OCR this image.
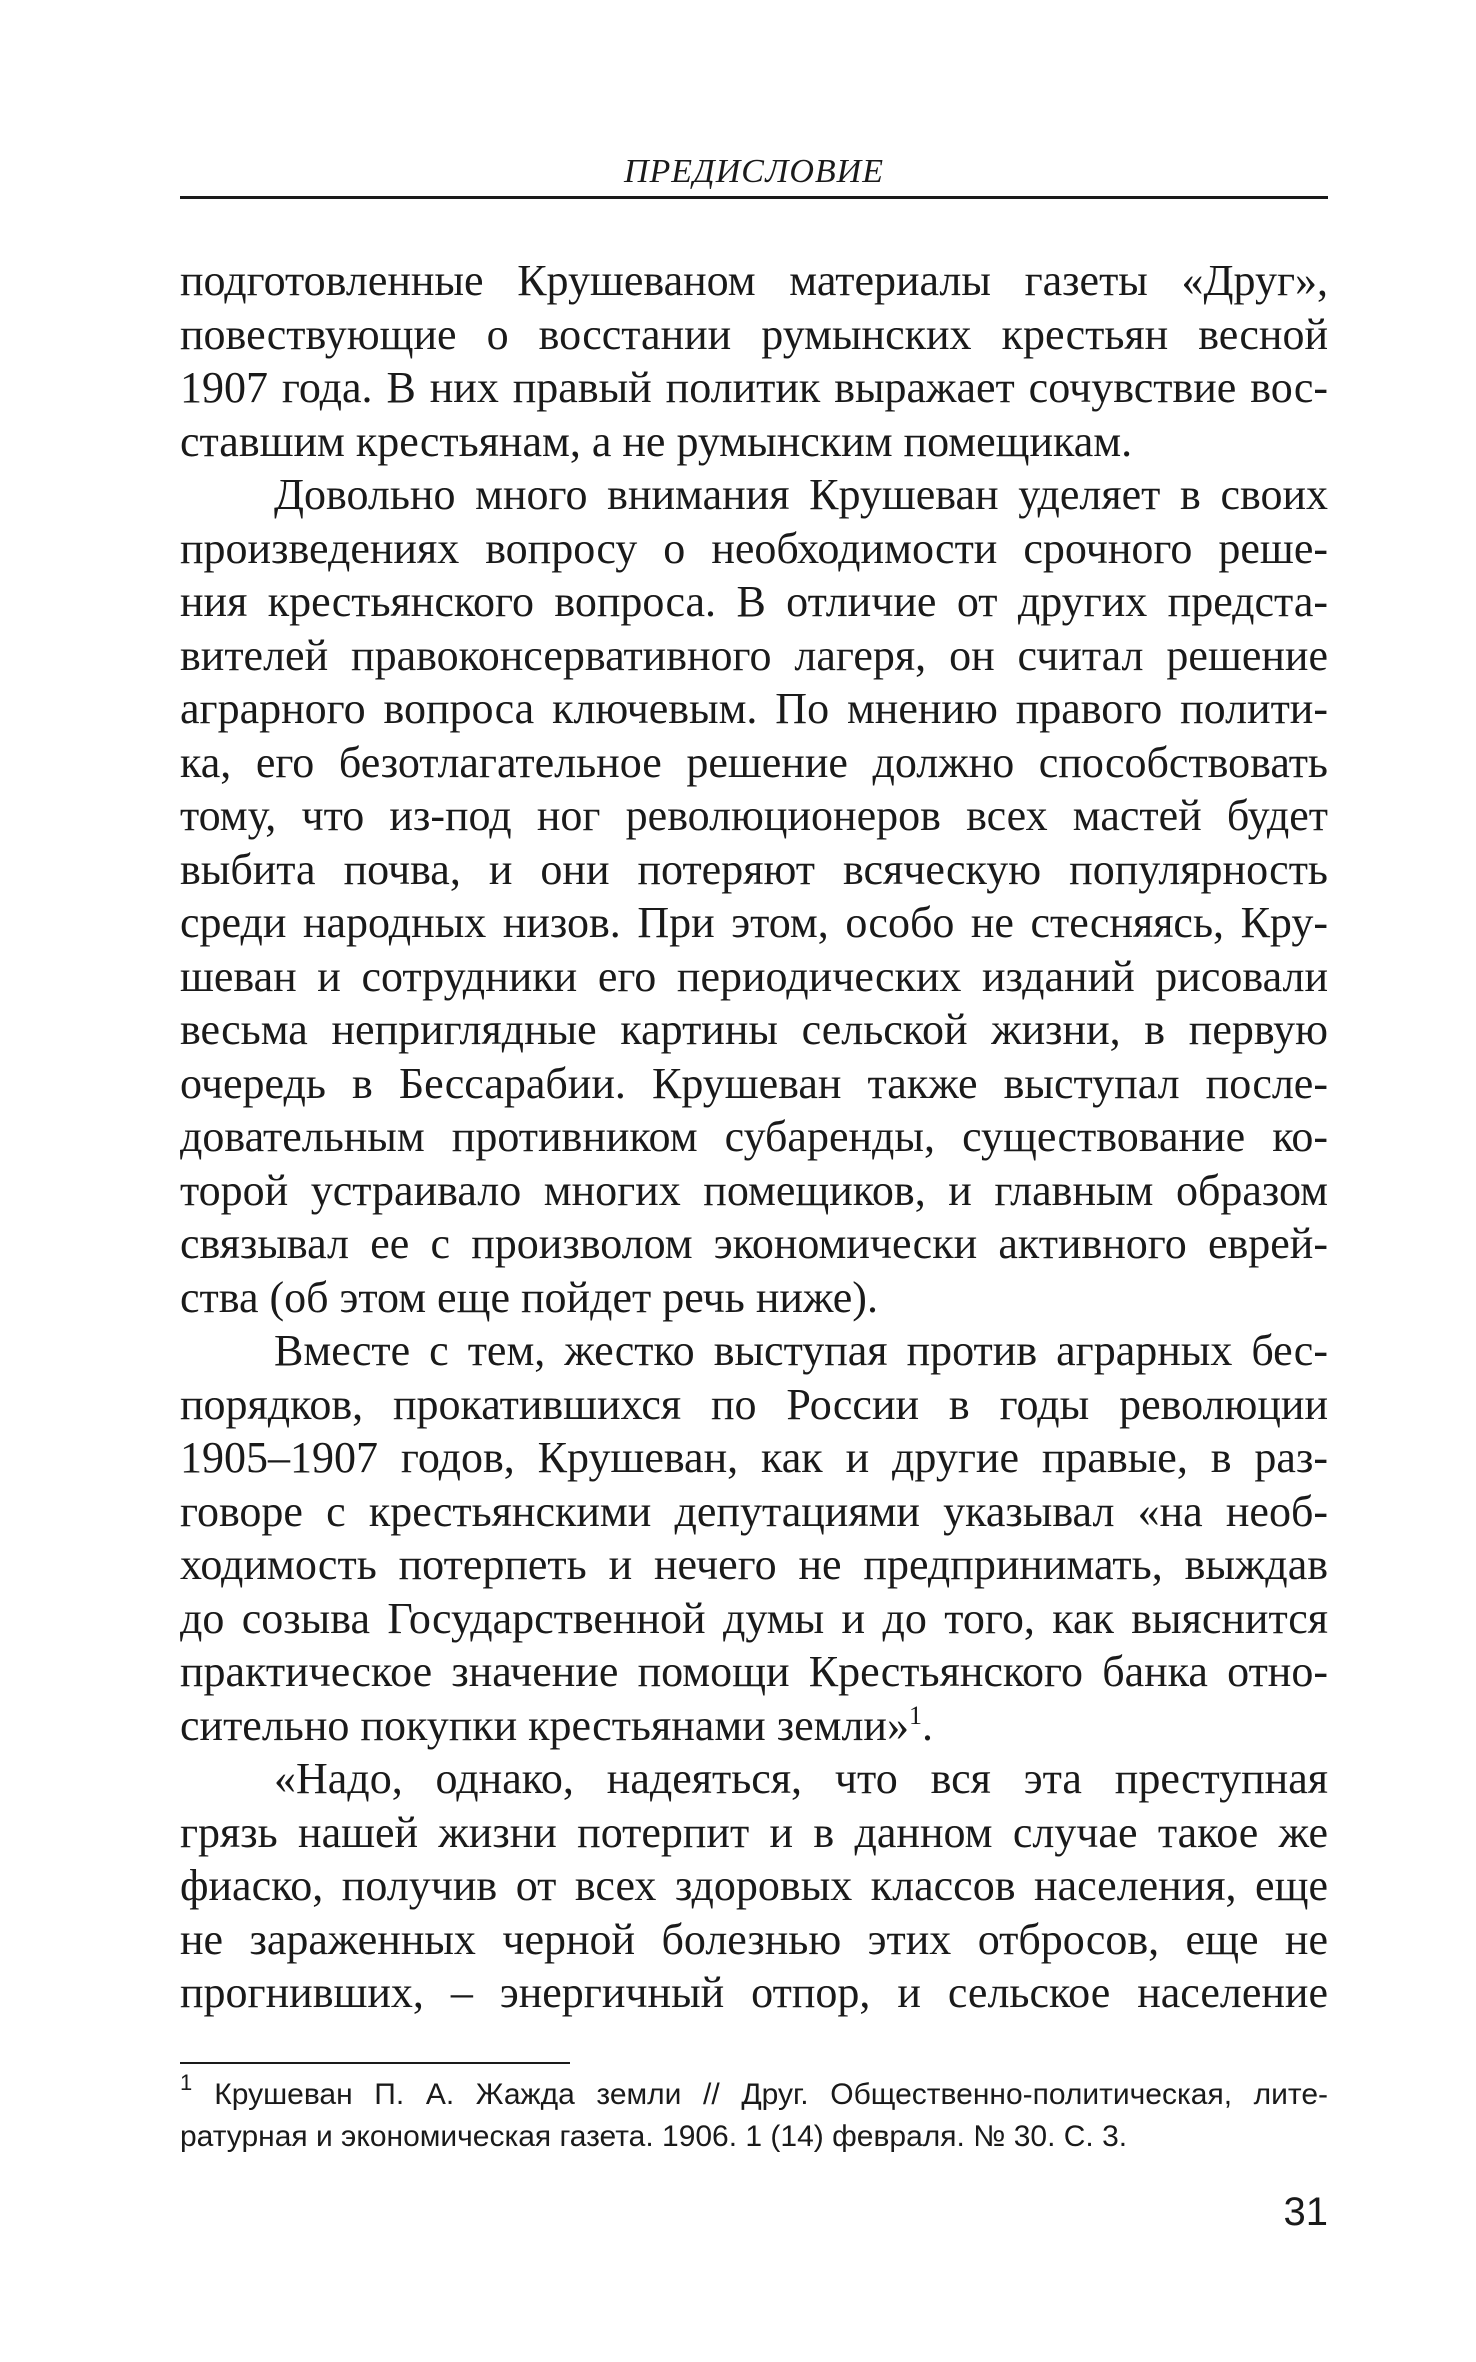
ПРЕДИСЛОВИЕ
подготовленные Крушеваном материалы газеты «Друг»,
повествующие о восстании румынских крестьян весной
1907 года. В них правый политик выражает сочувствие вос-
ставшим крестьянам, а не румынским помещикам.
Довольно много внимания Крушеван уделяет в своих
произведениях вопросу о необходимости срочного реше-
ния крестьянского вопроса. В отличие от других предста-
вителей правоконсервативного лагеря, он считал решение
аграрного вопроса ключевым. По мнению правого полити-
ка, его безотлагательное решение должно способствовать
тому, что из-под ног революционеров всех мастей будет
выбита почва, и они потеряют всяческую популярность
среди народных низов. При этом, особо не стесняясь, Кру-
шеван и сотрудники его периодических изданий рисовали
весьма неприглядные картины сельской жизни, в первую
очередь в Бессарабии. Крушеван также выступал после-
довательным противником субаренды, существование ко-
торой устраивало многих помещиков, и главным образом
связывал ее с произволом экономически активного еврей-
ства (об этом еще пойдет речь ниже).
Вместе с тем, жестко выступая против аграрных бес-
порядков, прокатившихся по России в годы революции
1905–1907 годов, Крушеван, как и другие правые, в раз-
говоре с крестьянскими депутациями указывал «на необ-
ходимость потерпеть и нечего не предпринимать, выждав
до созыва Государственной думы и до того, как выяснится
практическое значение помощи Крестьянского банка отно-
сительно покупки крестьянами земли»$^1$.
«Надо, однако, надеяться, что вся эта преступная
грязь нашей жизни потерпит и в данном случае такое же
фиаско, получив от всех здоровых классов населения, еще
не зараженных черной болезнью этих отбросов, еще не
прогнивших, – энергичный отпор, и сельское население
$^1$ Крушеван П. А. Жажда земли // Друг. Общественно-политическая, лите-
ратурная и экономическая газета. 1906. 1 (14) февраля. № 30. С. 3.
31
